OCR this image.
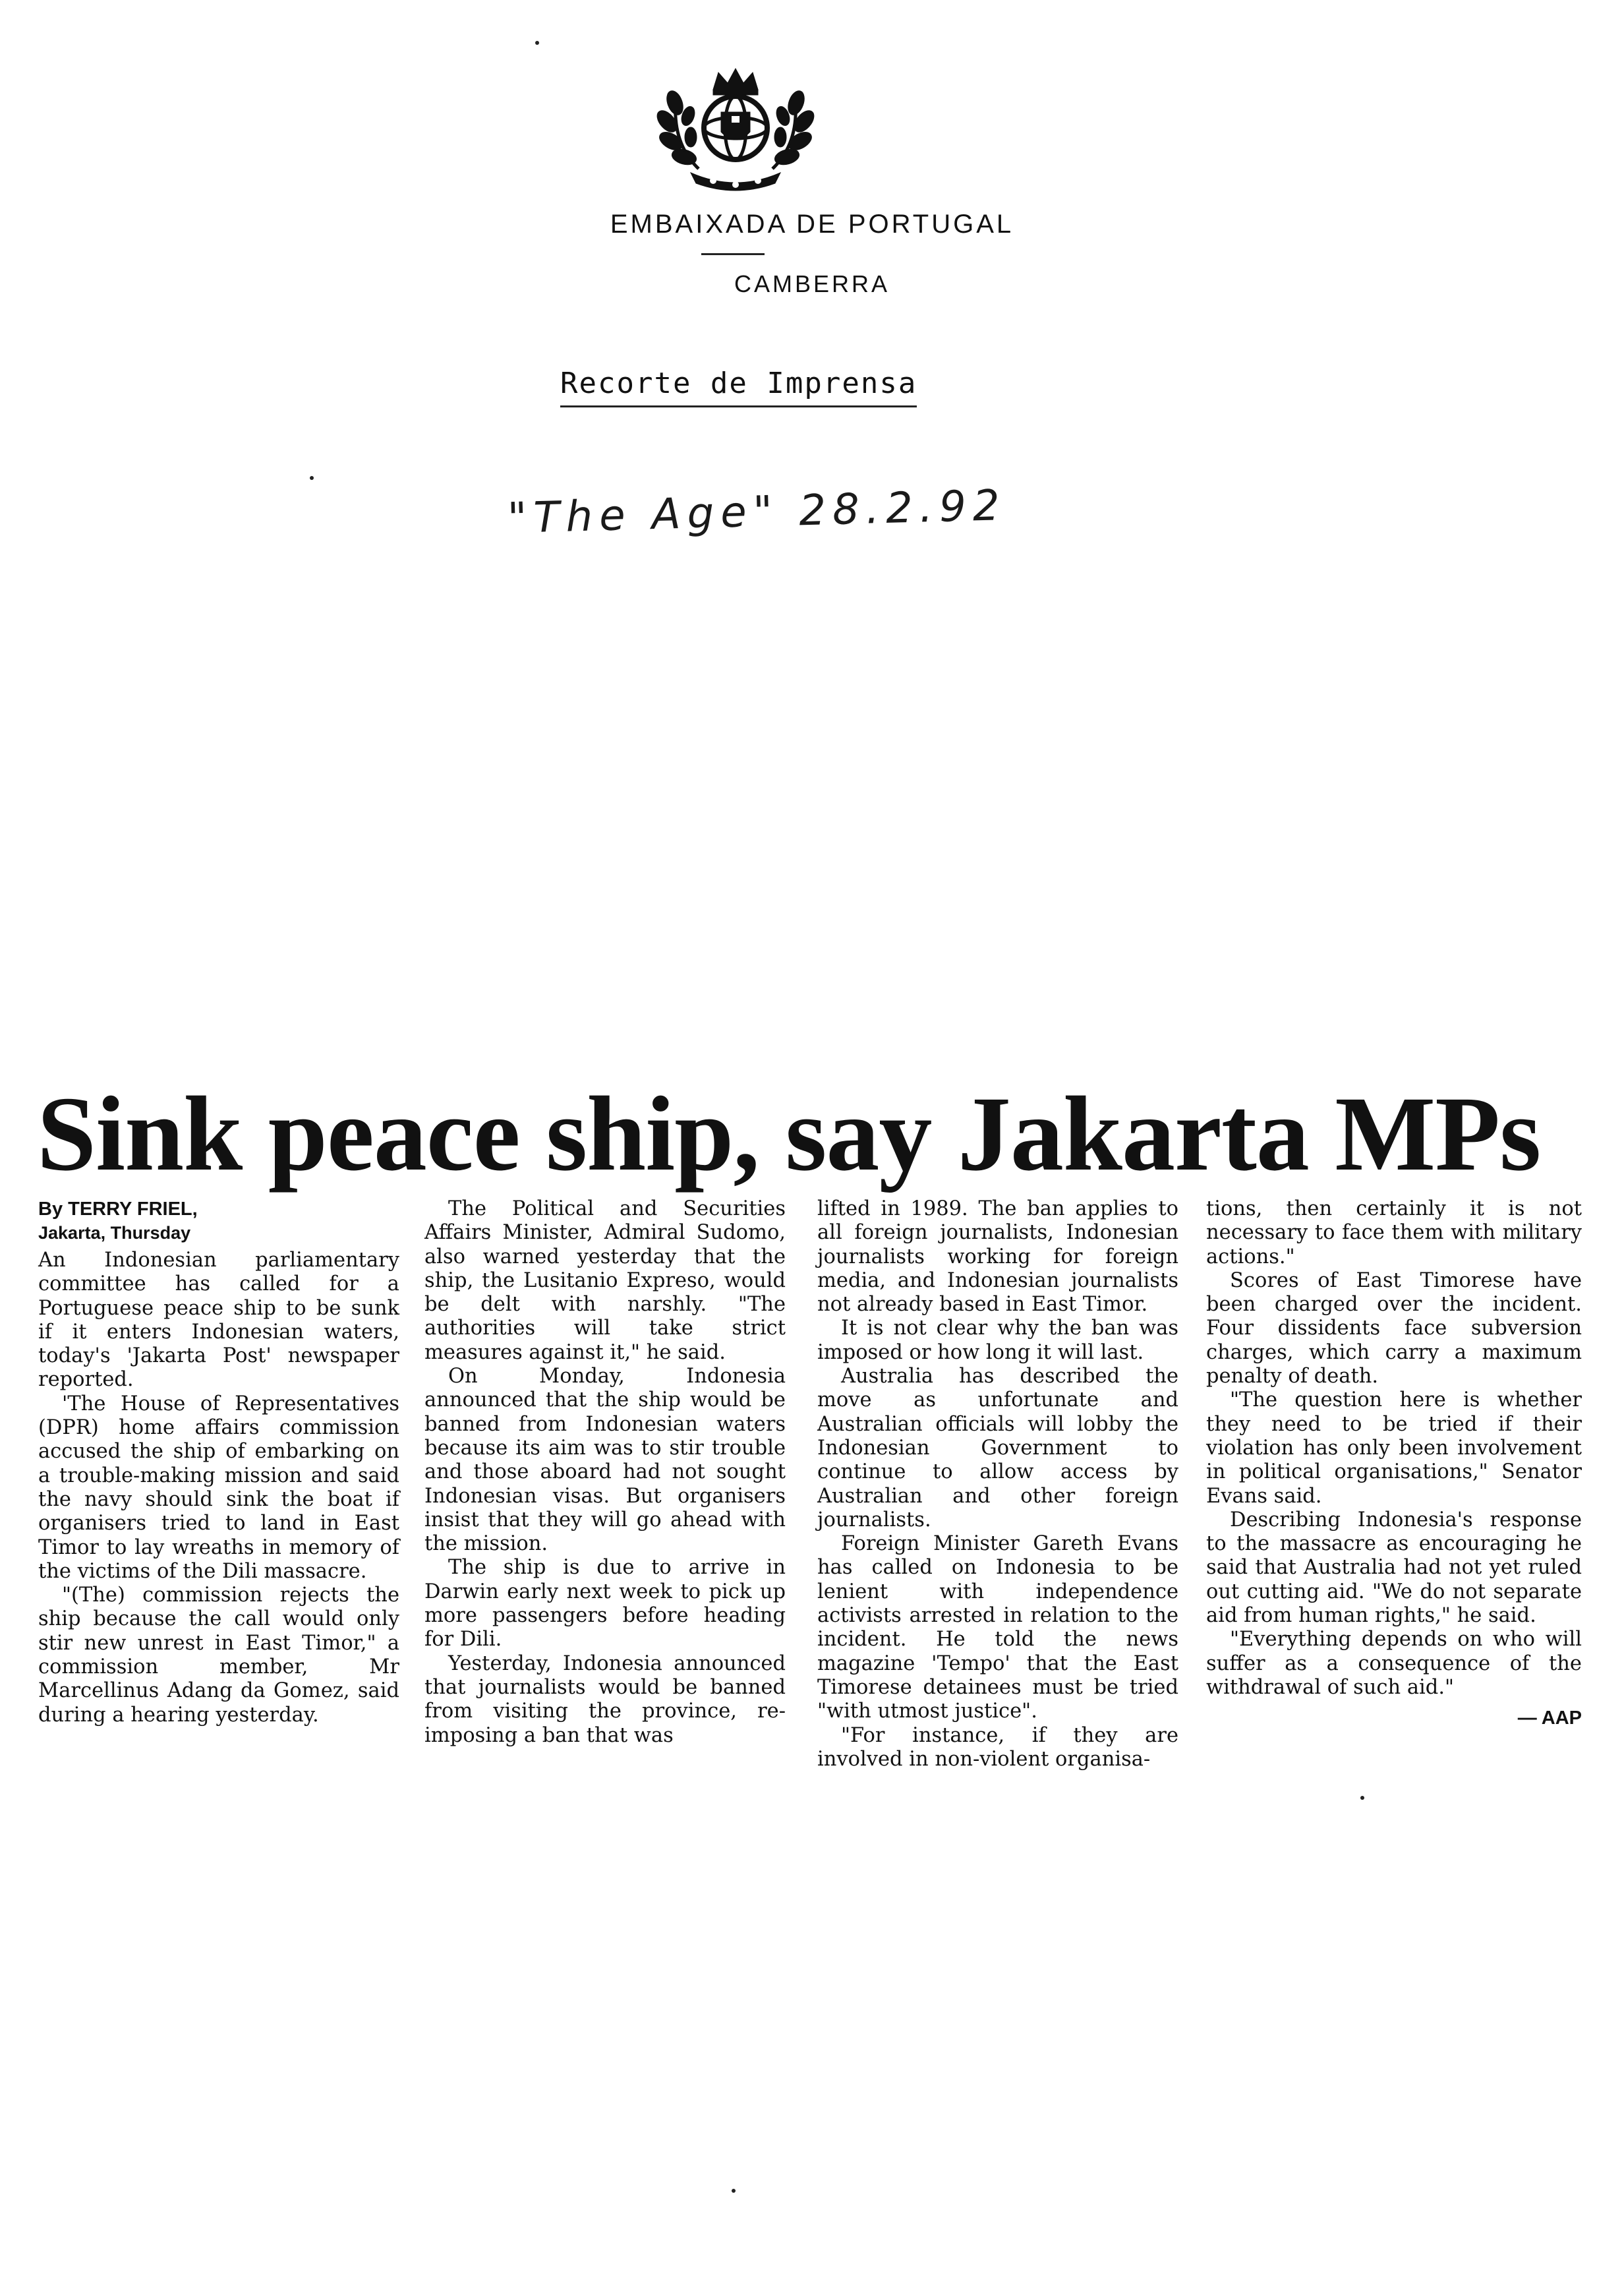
EMBAIXADA DE PORTUGAL
CAMBERRA
Recorte de Imprensa
"The Age" 28.2.92
Sink peace ship, say Jakarta MPs
By TERRY FRIEL,
Jakarta, Thursday

An Indonesian parliamentary committee has called for a Portuguese peace ship to be sunk if it enters Indonesian waters, today's 'Jakarta Post' newspaper reported.

'The House of Representatives (DPR) home affairs commission accused the ship of embarking on a trouble-making mission and said the navy should sink the boat if organisers tried to land in East Timor to lay wreaths in memory of the victims of the Dili massacre.

"(The) commission rejects the ship because the call would only stir new unrest in East Timor," a commission member, Mr Marcellinus Adang da Gomez, said during a hearing yesterday.

The Political and Securities Affairs Minister, Admiral Sudomo, also warned yesterday that the ship, the Lusitanio Expreso, would be delt with narshly. "The authorities will take strict measures against it," he said.

On Monday, Indonesia announced that the ship would be banned from Indonesian waters because its aim was to stir trouble and those aboard had not sought Indonesian visas. But organisers insist that they will go ahead with the mission.

The ship is due to arrive in Darwin early next week to pick up more passengers before heading for Dili.

Yesterday, Indonesia announced that journalists would be banned from visiting the province, re-imposing a ban that was

lifted in 1989. The ban applies to all foreign journalists, Indonesian journalists working for foreign media, and Indonesian journalists not already based in East Timor.

It is not clear why the ban was imposed or how long it will last.

Australia has described the move as unfortunate and Australian officials will lobby the Indonesian Government to continue to allow access by Australian and other foreign journalists.

Foreign Minister Gareth Evans has called on Indonesia to be lenient with independence activists arrested in relation to the incident. He told the news magazine 'Tempo' that the East Timorese detainees must be tried "with utmost justice".

"For instance, if they are involved in non-violent organisa-

tions, then certainly it is not necessary to face them with military actions."

Scores of East Timorese have been charged over the incident. Four dissidents face subversion charges, which carry a maximum penalty of death.

"The question here is whether they need to be tried if their violation has only been involvement in political organisations," Senator Evans said.

Describing Indonesia's response to the massacre as encouraging he said that Australia had not yet ruled out cutting aid. "We do not separate aid from human rights," he said.

"Everything depends on who will suffer as a consequence of the withdrawal of such aid."

— AAP
